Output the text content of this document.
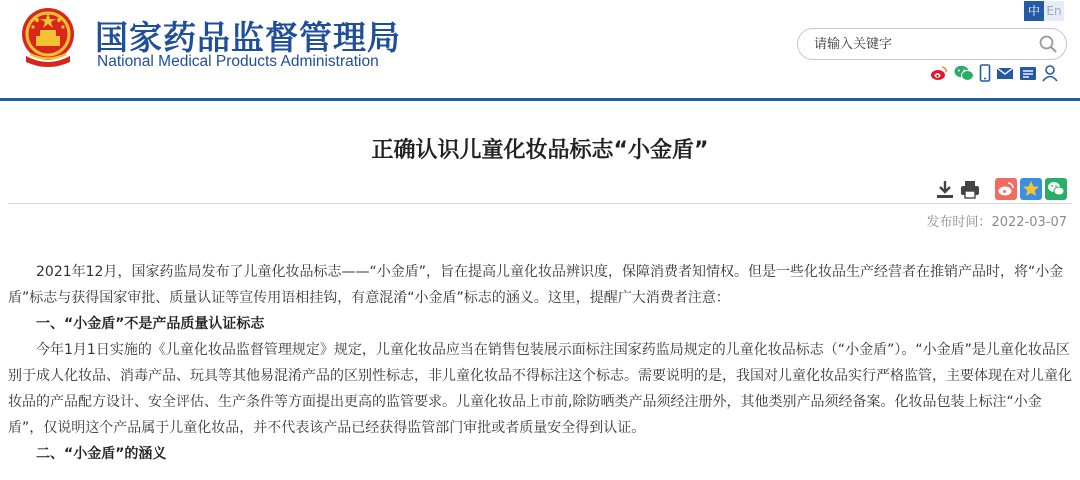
国家药品监督管理局
National Medical Products Administration
中 En
请输入关键字
正确认识儿童化妆品标志“小金盾”
发布时间：2022-03-07

2021年12月，国家药监局发布了儿童化妆品标志——“小金盾”，旨在提高儿童化妆品辨识度，保障消费者知情权。但是一些化妆品生产经营者在推销产品时，将“小金盾”标志与获得国家审批、质量认证等宣传用语相挂钩，有意混淆“小金盾”标志的涵义。这里，提醒广大消费者注意：

一、“小金盾”不是产品质量认证标志

今年1月1日实施的《儿童化妆品监督管理规定》规定，儿童化妆品应当在销售包装展示面标注国家药监局规定的儿童化妆品标志（“小金盾”）。“小金盾”是儿童化妆品区别于成人化妆品、消毒产品、玩具等其他易混淆产品的区别性标志，非儿童化妆品不得标注这个标志。需要说明的是，我国对儿童化妆品实行严格监管，主要体现在对儿童化妆品的产品配方设计、安全评估、生产条件等方面提出更高的监管要求。儿童化妆品上市前,除防晒类产品须经注册外，其他类别产品须经备案。化妆品包装上标注“小金盾”，仅说明这个产品属于儿童化妆品，并不代表该产品已经获得监管部门审批或者质量安全得到认证。

二、“小金盾”的涵义
